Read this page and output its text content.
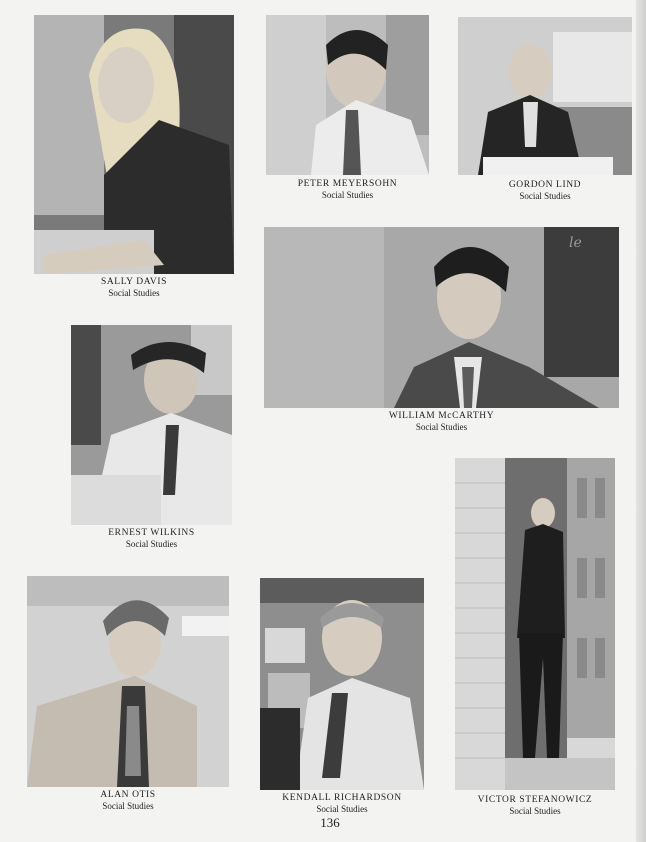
SALLY DAVIS
Social Studies
PETER MEYERSOHN
Social Studies
GORDON LIND
Social Studies
le
WILLIAM McCARTHY
Social Studies
ERNEST WILKINS
Social Studies
ALAN OTIS
Social Studies
KENDALL RICHARDSON
Social Studies
136
VICTOR STEFANOWICZ
Social Studies
